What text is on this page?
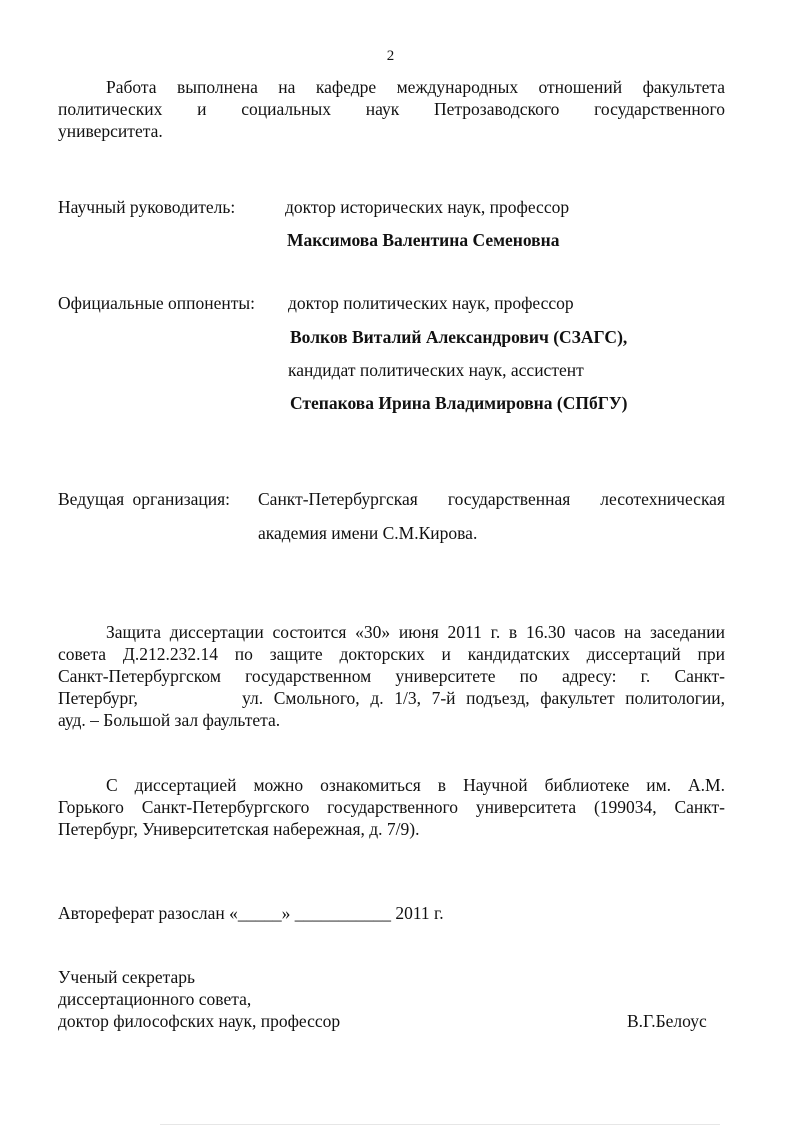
2
Работа выполнена на кафедре международных отношений факультета
политических и социальных наук Петрозаводского государственного
университета.
Научный руководитель:	доктор исторических наук, профессор
Максимова Валентина Семеновна
Официальные оппоненты: доктор политических наук, профессор
Волков Виталий Александрович (СЗАГС),
кандидат политических наук, ассистент
Степакова Ирина Владимировна (СПбГУ)
Ведущая организация: Санкт-Петербургская государственная лесотехническая
академия имени С.М.Кирова.
Защита диссертации состоится «30» июня 2011 г. в 16.30 часов на заседании
совета Д.212.232.14 по защите докторских и кандидатских диссертаций при
Санкт-Петербургском государственном университете по адресу: г. Санкт-
Петербург,	ул. Смольного, д. 1/3, 7-й подъезд, факультет политологии,
ауд. – Большой зал фаультета.
С диссертацией можно ознакомиться в Научной библиотеке им. А.М.
Горького Санкт-Петербургского государственного университета (199034, Санкт-
Петербург, Университетская набережная, д. 7/9).
Автореферат разослан «_____» ___________ 2011 г.
Ученый секретарь
диссертационного совета,
доктор философских наук, профессор	В.Г.Белоус
